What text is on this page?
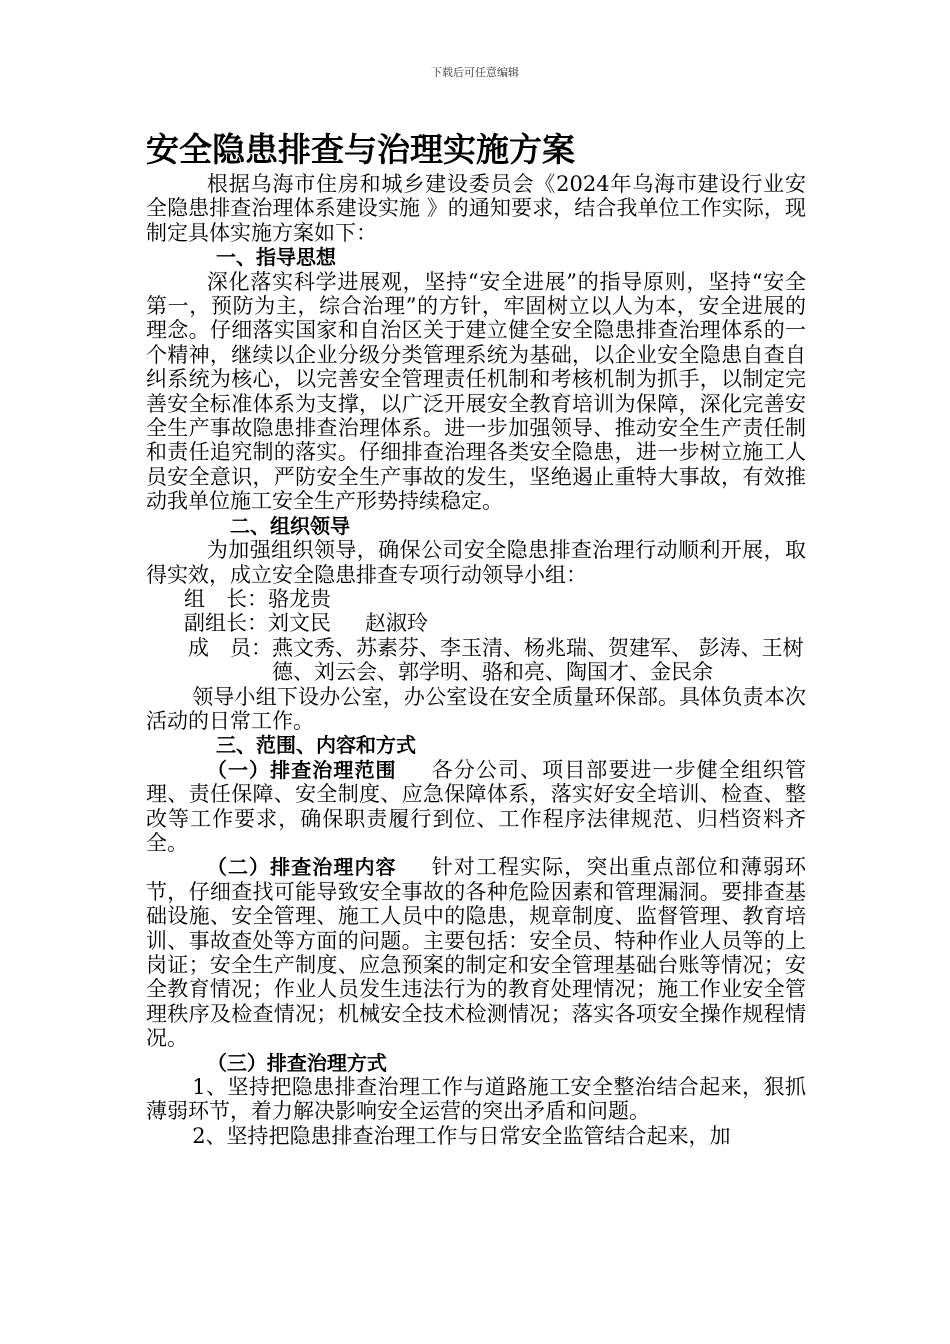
下载后可任意编辑
安全隐患排查与治理实施方案

根据乌海市住房和城乡建设委员会《2024年乌海市建设行业安全隐患排查治理体系建设实施 》的通知要求，结合我单位工作实际，现制定具体实施方案如下：

一、指导思想

深化落实科学进展观，坚持“安全进展”的指导原则，坚持“安全第一，预防为主，综合治理”的方针，牢固树立以人为本，安全进展的理念。仔细落实国家和自治区关于建立健全安全隐患排查治理体系的一个精神，继续以企业分级分类管理系统为基础，以企业安全隐患自查自纠系统为核心，以完善安全管理责任机制和考核机制为抓手，以制定完善安全标准体系为支撑，以广泛开展安全教育培训为保障，深化完善安全生产事故隐患排查治理体系。进一步加强领导、推动安全生产责任制和责任追究制的落实。仔细排查治理各类安全隐患，进一步树立施工人员安全意识，严防安全生产事故的发生，坚绝遏止重特大事故，有效推动我单位施工安全生产形势持续稳定。

二、组织领导

为加强组织领导，确保公司安全隐患排查治理行动顺利开展，取得实效，成立安全隐患排查专项行动领导小组：

组　长： 骆龙贵
副组长： 刘文民 赵淑玲
成　员： 燕文秀、苏素芬、李玉清、杨兆瑞、贺建军、 彭涛、王树德、刘云会、郭学明、骆和亮、陶国才、金民余

领导小组下设办公室，办公室设在安全质量环保部。具体负责本次活动的日常工作。

三、范围、内容和方式

（一）排查治理范围 各分公司、项目部要进一步健全组织管理、责任保障、安全制度、应急保障体系，落实好安全培训、检查、整改等工作要求，确保职责履行到位、工作程序法律规范、归档资料齐全。

（二）排查治理内容 针对工程实际，突出重点部位和薄弱环节，仔细查找可能导致安全事故的各种危险因素和管理漏洞。要排查基础设施、安全管理、施工人员中的隐患，规章制度、监督管理、教育培训、事故查处等方面的问题。主要包括：安全员、特种作业人员等的上岗证；安全生产制度、应急预案的制定和安全管理基础台账等情况；安全教育情况；作业人员发生违法行为的教育处理情况；施工作业安全管理秩序及检查情况；机械安全技术检测情况；落实各项安全操作规程情况。

（三）排查治理方式

1、坚持把隐患排查治理工作与道路施工安全整治结合起来，狠抓薄弱环节，着力解决影响安全运营的突出矛盾和问题。

2、坚持把隐患排查治理工作与日常安全监管结合起来，加
